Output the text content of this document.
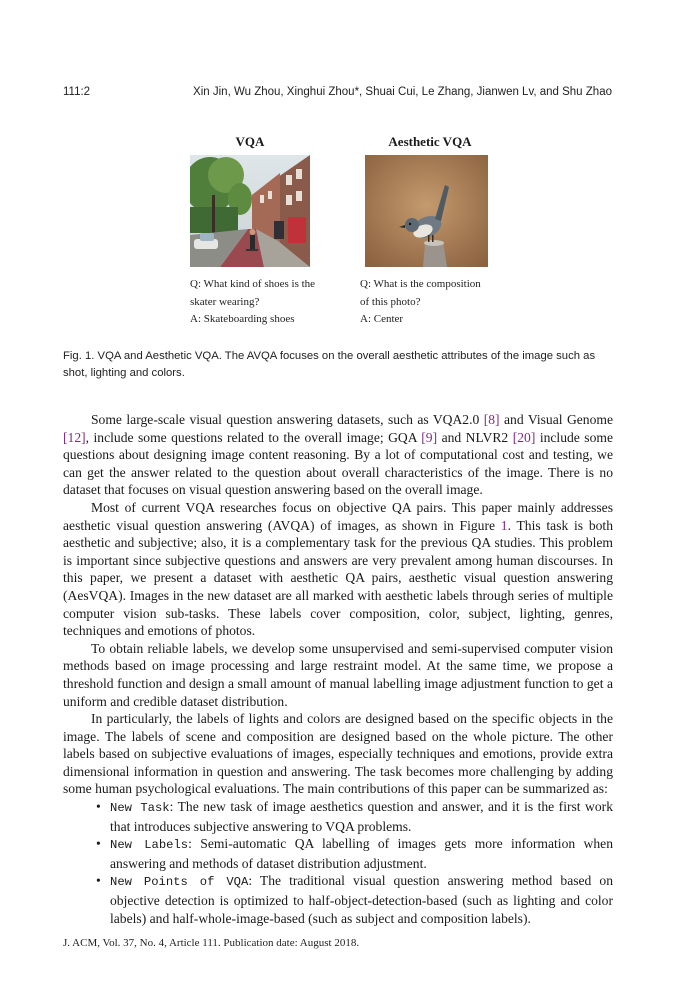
111:2	Xin Jin, Wu Zhou, Xinghui Zhou*, Shuai Cui, Le Zhang, Jianwen Lv, and Shu Zhao
VQA	Aesthetic VQA
Q: What kind of shoes is the
skater wearing?
A: Skateboarding shoes
Q: What is the composition
of this photo?
A: Center
Fig. 1. VQA and Aesthetic VQA. The AVQA focuses on the overall aesthetic attributes of the image such as shot, lighting and colors.

Some large-scale visual question answering datasets, such as VQA2.0 [8] and Visual Genome [12], include some questions related to the overall image; GQA [9] and NLVR2 [20] include some questions about designing image content reasoning. By a lot of computational cost and testing, we can get the answer related to the question about overall characteristics of the image. There is no dataset that focuses on visual question answering based on the overall image.

Most of current VQA researches focus on objective QA pairs. This paper mainly addresses aesthetic visual question answering (AVQA) of images, as shown in Figure 1. This task is both aesthetic and subjective; also, it is a complementary task for the previous QA studies. This problem is important since subjective questions and answers are very prevalent among human discourses. In this paper, we present a dataset with aesthetic QA pairs, aesthetic visual question answering (AesVQA). Images in the new dataset are all marked with aesthetic labels through series of multiple computer vision sub-tasks. These labels cover composition, color, subject, lighting, genres, techniques and emotions of photos.

To obtain reliable labels, we develop some unsupervised and semi-supervised computer vision methods based on image processing and large restraint model. At the same time, we propose a threshold function and design a small amount of manual labelling image adjustment function to get a uniform and credible dataset distribution.

In particularly, the labels of lights and colors are designed based on the specific objects in the image. The labels of scene and composition are designed based on the whole picture. The other labels based on subjective evaluations of images, especially techniques and emotions, provide extra dimensional information in question and answering. The task becomes more challenging by adding some human psychological evaluations. The main contributions of this paper can be summarized as:

• New Task: The new task of image aesthetics question and answer, and it is the first work that introduces subjective answering to VQA problems.
• New Labels: Semi-automatic QA labelling of images gets more information when answering and methods of dataset distribution adjustment.
• New Points of VQA: The traditional visual question answering method based on objective detection is optimized to half-object-detection-based (such as lighting and color labels) and half-whole-image-based (such as subject and composition labels).
J. ACM, Vol. 37, No. 4, Article 111. Publication date: August 2018.
